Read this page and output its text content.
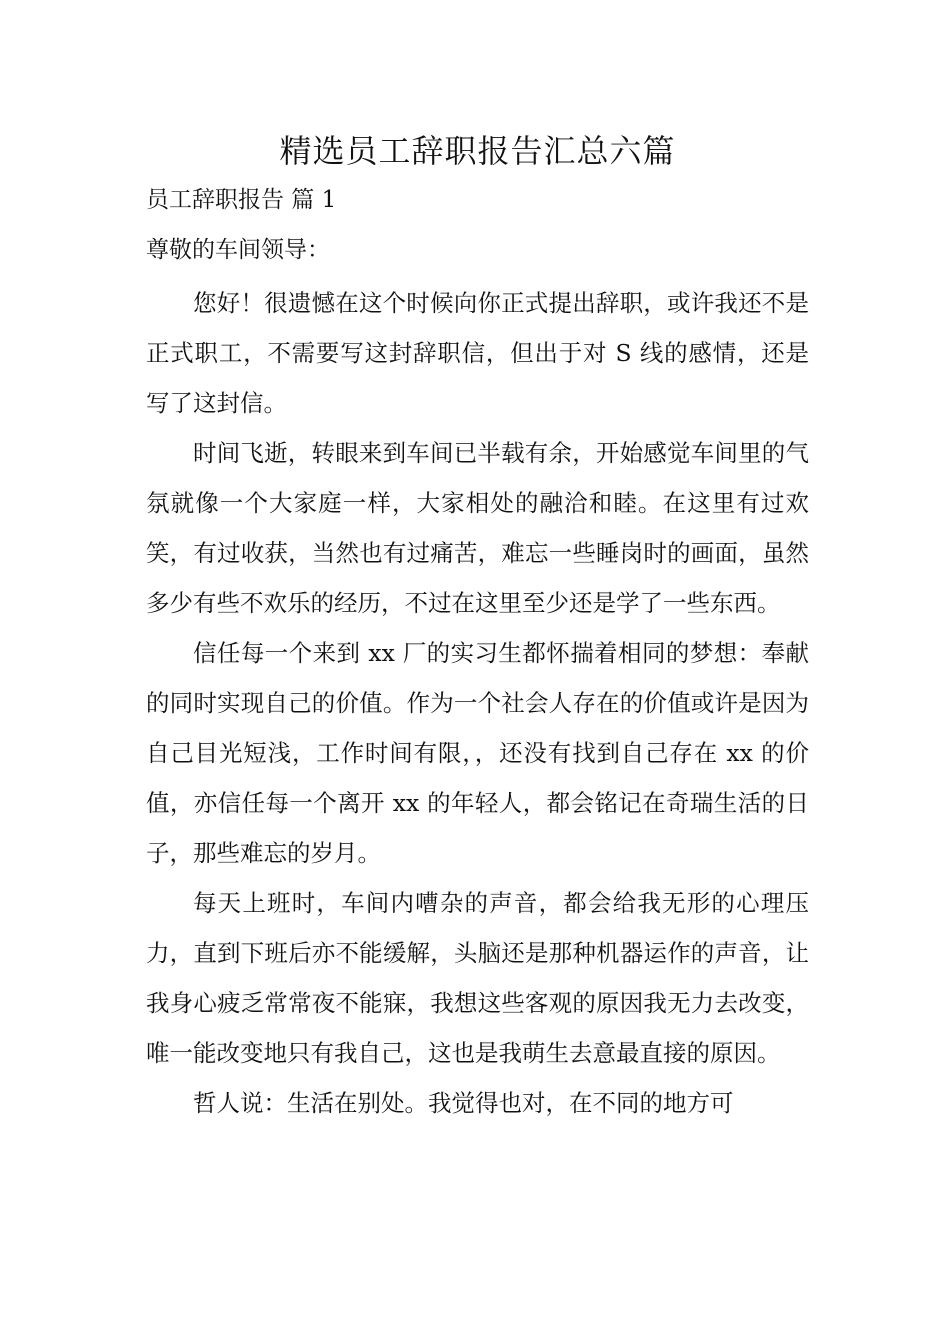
精选员工辞职报告汇总六篇

员工辞职报告 篇 1

尊敬的车间领导：

您好！很遗憾在这个时候向你正式提出辞职，或许我还不是正式职工，不需要写这封辞职信，但出于对 S 线的感情，还是写了这封信。

时间飞逝，转眼来到车间已半载有余，开始感觉车间里的气氛就像一个大家庭一样，大家相处的融洽和睦。在这里有过欢笑，有过收获，当然也有过痛苦，难忘一些睡岗时的画面，虽然多少有些不欢乐的经历，不过在这里至少还是学了一些东西。

信任每一个来到 xx 厂的实习生都怀揣着相同的梦想：奉献的同时实现自己的价值。作为一个社会人存在的价值或许是因为自己目光短浅，工作时间有限，，还没有找到自己存在 xx 的价值，亦信任每一个离开 xx 的年轻人，都会铭记在奇瑞生活的日子，那些难忘的岁月。

每天上班时，车间内嘈杂的声音，都会给我无形的心理压力，直到下班后亦不能缓解，头脑还是那种机器运作的声音，让我身心疲乏常常夜不能寐，我想这些客观的原因我无力去改变，唯一能改变地只有我自己，这也是我萌生去意最直接的原因。

哲人说：生活在别处。我觉得也对，在不同的地方可
